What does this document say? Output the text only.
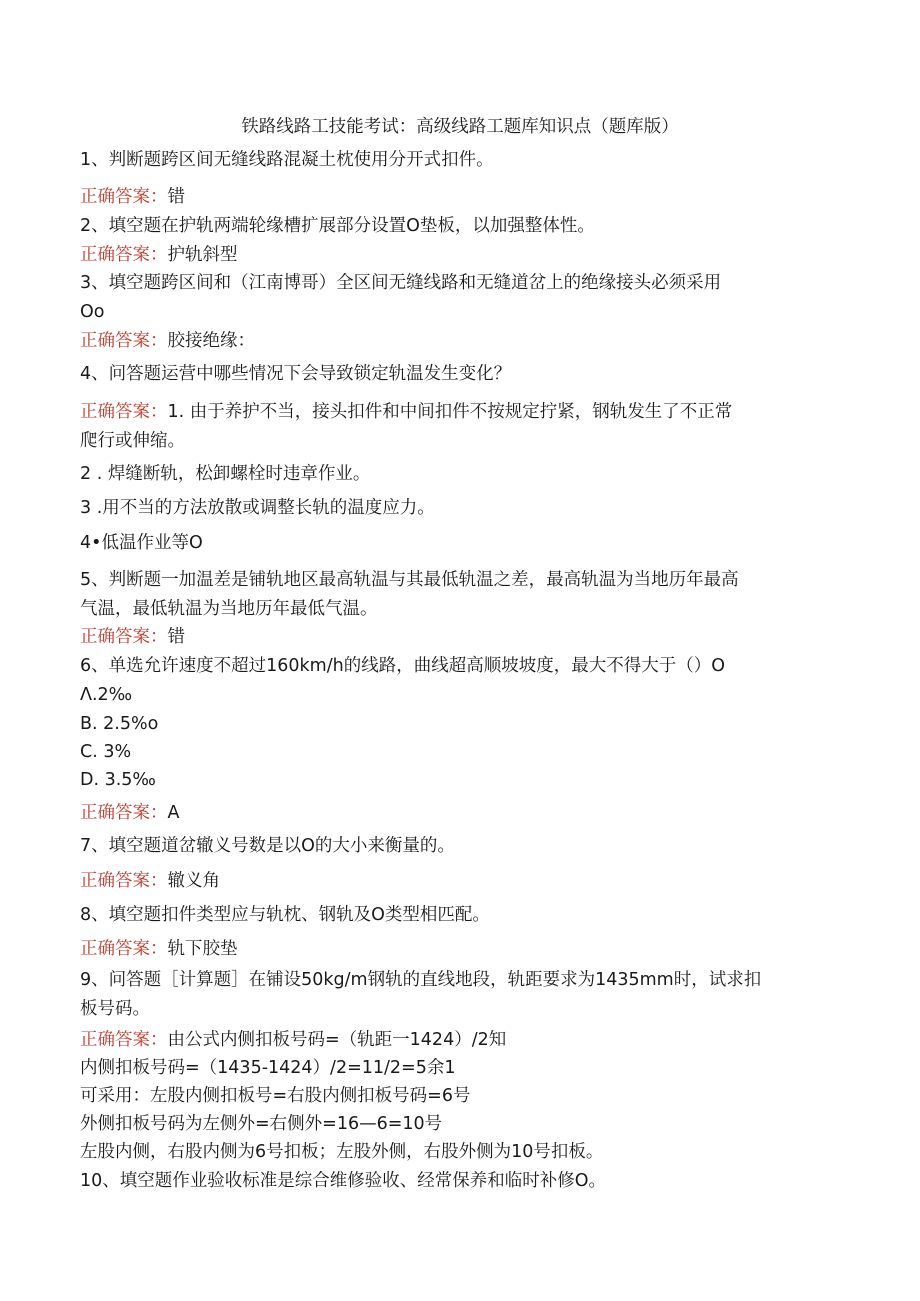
铁路线路工技能考试：高级线路工题库知识点（题库版）
1、判断题跨区间无缝线路混凝土枕使用分开式扣件。
正确答案：错
2、填空题在护轨两端轮缘槽扩展部分设置O垫板，以加强整体性。
正确答案：护轨斜型
3、填空题跨区间和（江南博哥）全区间无缝线路和无缝道岔上的绝缘接头必须采用
Oo
正确答案：胶接绝缘：
4、问答题运营中哪些情况下会导致锁定轨温发生变化？
正确答案：1. 由于养护不当，接头扣件和中间扣件不按规定拧紧，钢轨发生了不正常
爬行或伸缩。
2 . 焊缝断轨，松卸螺栓时违章作业。
3 .用不当的方法放散或调整长轨的温度应力。
4•低温作业等O
5、判断题一加温差是铺轨地区最高轨温与其最低轨温之差，最高轨温为当地历年最高
气温，最低轨温为当地历年最低气温。
正确答案：错
6、单选允许速度不超过160km/h的线路，曲线超高顺坡坡度，最大不得大于（）O
Λ.2‰
B. 2.5%o
C. 3%
D. 3.5‰
正确答案：A
7、填空题道岔辙义号数是以O的大小来衡量的。
正确答案：辙义角
8、填空题扣件类型应与轨枕、钢轨及O类型相匹配。
正确答案：轨下胶垫
9、问答题［计算题］在铺设50kg/m钢轨的直线地段，轨距要求为1435mm时，试求扣
板号码。
正确答案：由公式内侧扣板号码=（轨距一1424）/2知
内侧扣板号码=（1435-1424）/2=11/2=5余1
可采用：左股内侧扣板号=右股内侧扣板号码=6号
外侧扣板号码为左侧外=右侧外=16—6=10号
左股内侧，右股内侧为6号扣板；左股外侧，右股外侧为10号扣板。
10、填空题作业验收标准是综合维修验收、经常保养和临时补修O。
